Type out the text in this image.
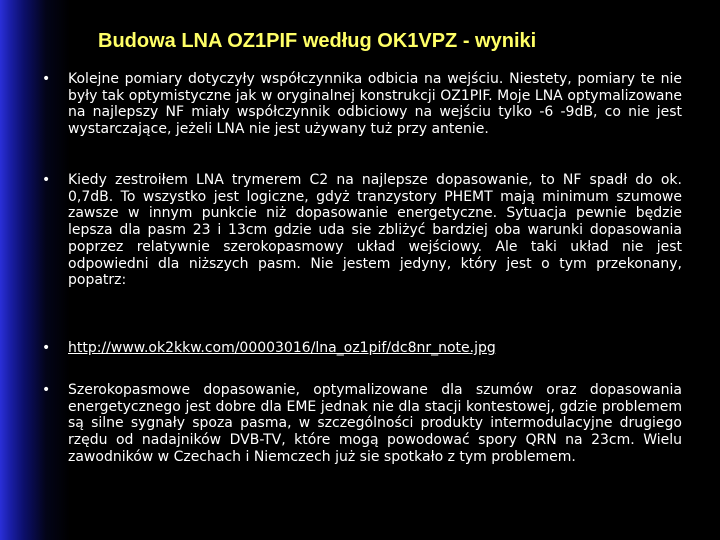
Budowa LNA OZ1PIF według OK1VPZ - wyniki
• Kolejne pomiary dotyczyły współczynnika odbicia na wejściu. Niestety, pomiary te nie były tak optymistyczne jak w oryginalnej konstrukcji OZ1PIF. Moje LNA optymalizowane na najlepszy NF miały współczynnik odbiciowy na wejściu tylko -6 -9dB, co nie jest wystarczające, jeżeli LNA nie jest używany tuż przy antenie.
• Kiedy zestroiłem LNA trymerem C2 na najlepsze dopasowanie, to NF spadł do ok. 0,7dB. To wszystko jest logiczne, gdyż tranzystory PHEMT mają minimum szumowe zawsze w innym punkcie niż dopasowanie energetyczne. Sytuacja pewnie będzie lepsza dla pasm 23 i 13cm gdzie uda sie zbliżyć bardziej oba warunki dopasowania poprzez relatywnie szerokopasmowy układ wejściowy. Ale taki układ nie jest odpowiedni dla niższych pasm. Nie jestem jedyny, który jest o tym przekonany, popatrz:
• http://www.ok2kkw.com/00003016/lna_oz1pif/dc8nr_note.jpg
• Szerokopasmowe dopasowanie, optymalizowane dla szumów oraz dopasowania energetycznego jest dobre dla EME jednak nie dla stacji kontestowej, gdzie problemem są silne sygnały spoza pasma, w szczególności produkty intermodulacyjne drugiego rzędu od nadajników DVB-TV, które mogą powodować spory QRN na 23cm. Wielu zawodników w Czechach i Niemczech już sie spotkało z tym problemem.
